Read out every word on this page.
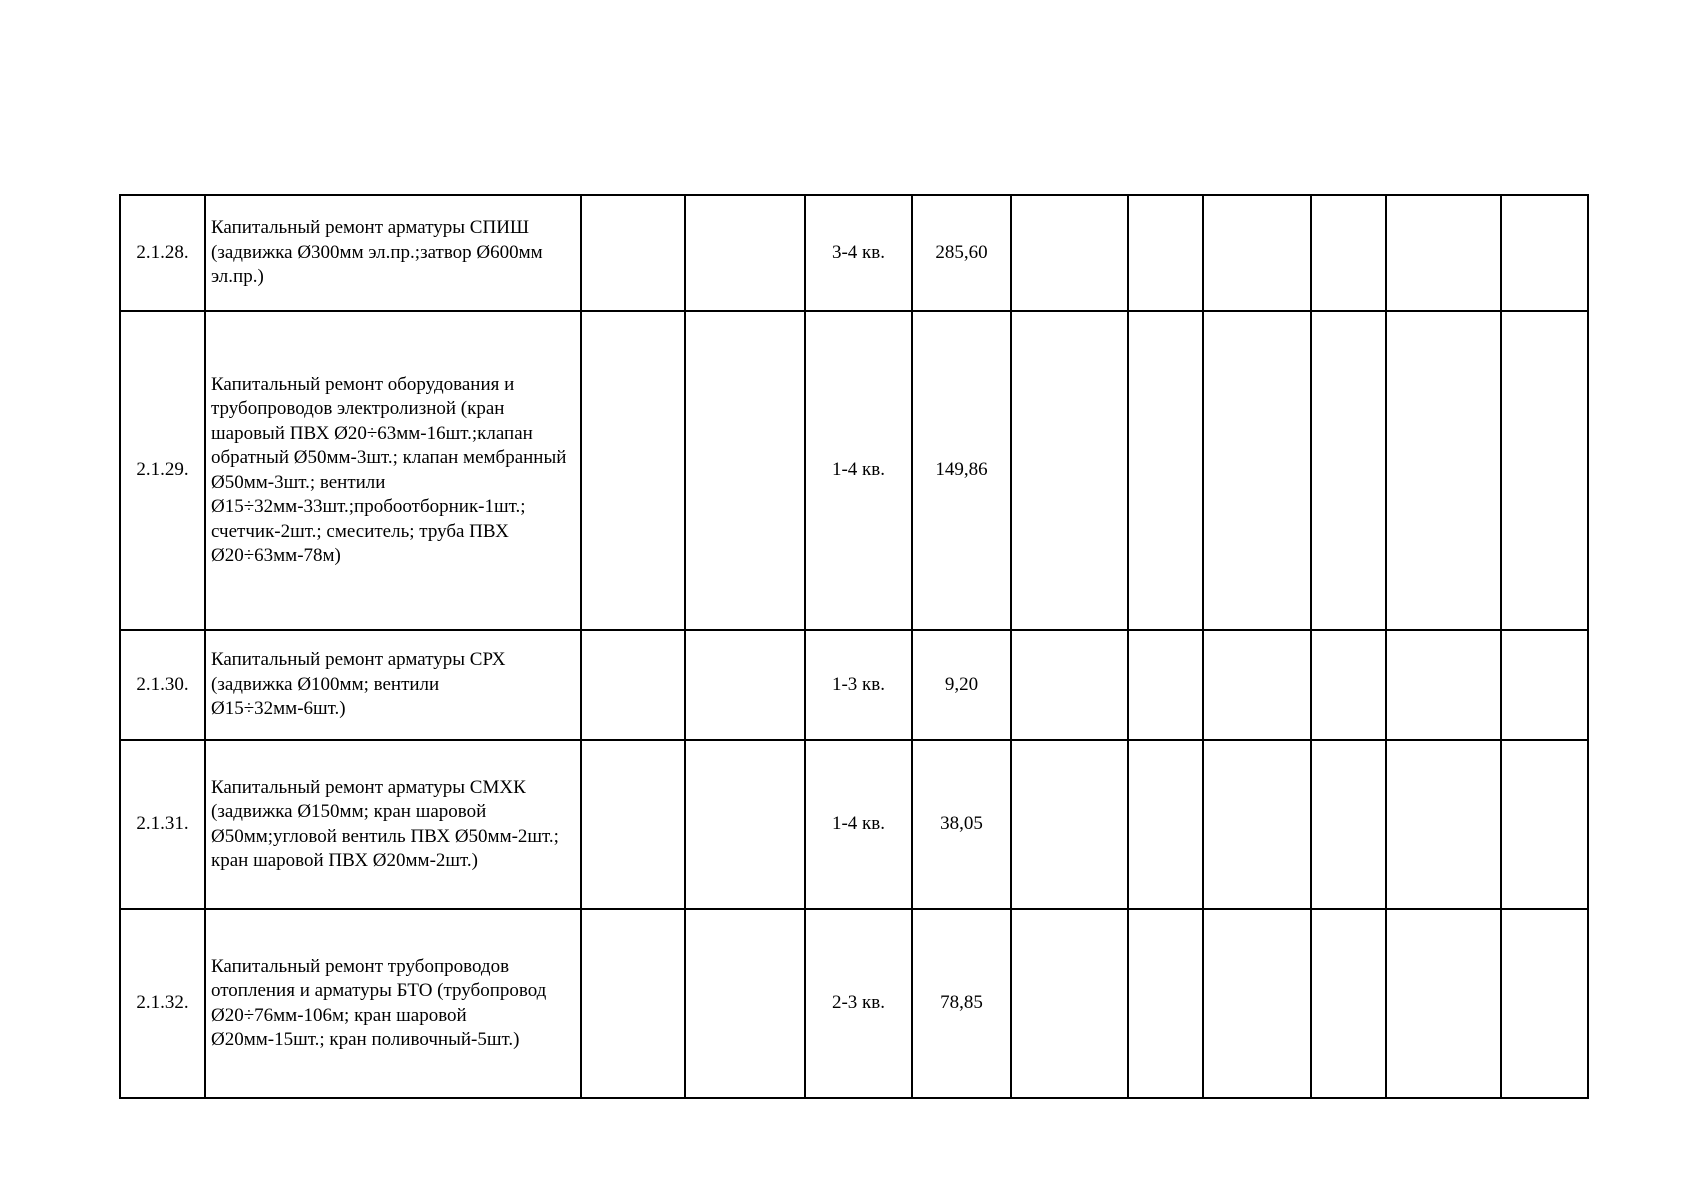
2.1.28.	Капитальный ремонт арматуры СПИШ (задвижка Ø300мм эл.пр.;затвор Ø600мм эл.пр.)			3-4 кв.	285,60						
2.1.29.	Капитальный ремонт оборудования и трубопроводов электролизной (кран шаровый ПВХ Ø20÷63мм-16шт.;клапан обратный Ø50мм-3шт.; клапан мембранный Ø50мм-3шт.; вентили Ø15÷32мм-33шт.;пробоотборник-1шт.; счетчик-2шт.; смеситель; труба ПВХ Ø20÷63мм-78м)			1-4 кв.	149,86						
2.1.30.	Капитальный ремонт арматуры СРХ (задвижка Ø100мм; вентили Ø15÷32мм-6шт.)			1-3 кв.	9,20						
2.1.31.	Капитальный ремонт арматуры СМХК (задвижка Ø150мм; кран шаровой Ø50мм;угловой вентиль ПВХ Ø50мм-2шт.; кран шаровой ПВХ Ø20мм-2шт.)			1-4 кв.	38,05						
2.1.32.	Капитальный ремонт трубопроводов отопления и арматуры БТО (трубопровод Ø20÷76мм-106м; кран шаровой Ø20мм-15шт.; кран поливочный-5шт.)			2-3 кв.	78,85						
